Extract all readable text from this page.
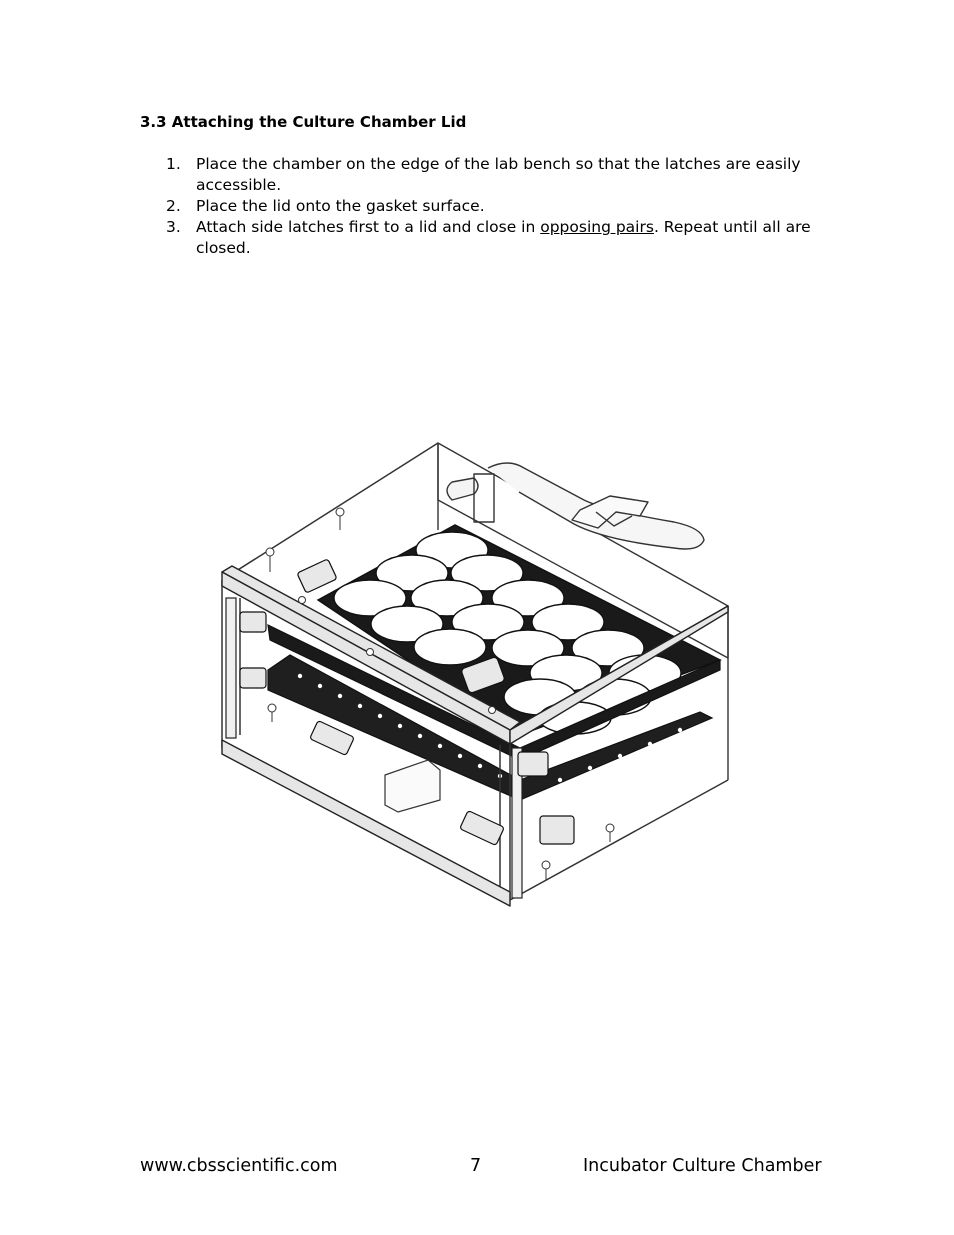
3.3 Attaching the Culture Chamber Lid
1. Place the chamber on the edge of the lab bench so that the latches are easily accessible.
2. Place the lid onto the gasket surface.
3. Attach side latches first to a lid and close in opposing pairs. Repeat until all are closed.
www.cbsscientific.com	7	Incubator Culture Chamber
